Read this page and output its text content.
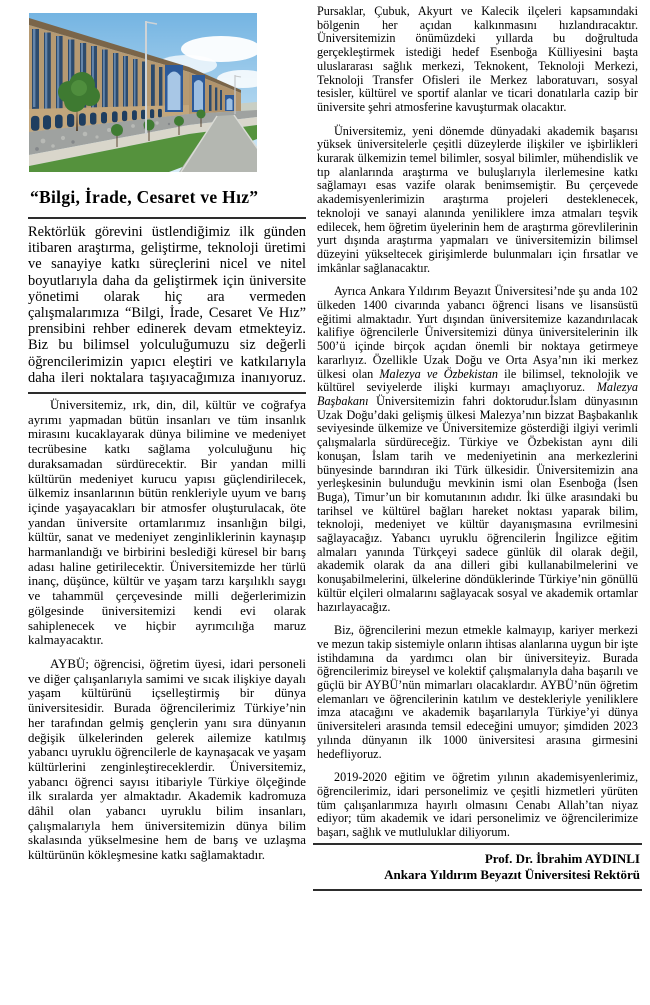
“Bilgi, İrade, Cesaret ve Hız”

Rektörlük görevini üstlendiğimiz ilk günden itibaren araştırma, geliştirme, teknoloji üretimi ve sanayiye katkı süreçlerini nicel ve nitel boyutlarıyla daha da geliştirmek için üniversite yönetimi olarak hiç ara vermeden çalışmalarımıza “Bilgi, İrade, Cesaret Ve Hız” prensibini rehber edinerek devam etmekteyiz. Biz bu bilimsel yolculuğumuzu siz değerli öğrencilerimizin yapıcı eleştiri ve katkılarıyla daha ileri noktalara taşıyacağımıza inanıyoruz.

Üniversitemiz, ırk, din, dil, kültür ve coğrafya ayrımı yapmadan bütün insanları ve tüm insanlık mirasını kucaklayarak dünya bilimine ve medeniyet tecrübesine katkı sağlama yolculuğunu hiç duraksamadan sürdürecektir. Bir yandan milli kültürün medeniyet kurucu yapısı güçlendirilecek, ülkemiz insanlarının bütün renkleriyle uyum ve barış içinde yaşayacakları bir atmosfer oluşturulacak, öte yandan üniversite ortamlarımız insanlığın bilgi, kültür, sanat ve medeniyet zenginliklerinin kaynaşıp harmanlandığı ve birbirini beslediği küresel bir barış adası haline getirilecektir. Üniversitemizde her türlü inanç, düşünce, kültür ve yaşam tarzı karşılıklı saygı ve tahammül çerçevesinde milli değerlerimizin gölgesinde üniversitemizi kendi evi olarak sahiplenecek ve hiçbir ayrımcılığa maruz kalmayacaktır.

AYBÜ; öğrencisi, öğretim üyesi, idari personeli ve diğer çalışanlarıyla samimi ve sıcak ilişkiye dayalı yaşam kültürünü içselleştirmiş bir dünya üniversitesidir. Burada öğrencilerimiz Türkiye’nin her tarafından gelmiş gençlerin yanı sıra dünyanın değişik ülkelerinden gelerek ailemize katılmış yabancı uyruklu öğrencilerle de kaynaşacak ve yaşam kültürlerini zenginleştireceklerdir. Üniversitemiz, yabancı öğrenci sayısı itibariyle Türkiye ölçeğinde ilk sıralarda yer almaktadır. Akademik kadromuza dâhil olan yabancı uyruklu bilim insanları, çalışmalarıyla hem üniversitemizin dünya bilim skalasında yükselmesine hem de barış ve uzlaşma kültürünün kökleşmesine katkı sağlamaktadır.

Pursaklar, Çubuk, Akyurt ve Kalecik ilçeleri kapsamındaki bölgenin her açıdan kalkınmasını hızlandıracaktır. Üniversitemizin önümüzdeki yıllarda bu doğrultuda gerçekleştirmek istediği hedef Esenboğa Külliyesini başta uluslararası sağlık merkezi, Teknokent, Teknoloji Merkezi, Teknoloji Transfer Ofisleri ile Merkez laboratuvarı, sosyal tesisler, kültürel ve sportif alanlar ve ticari donatılarla cazip bir üniversite şehri atmosferine kavuşturmak olacaktır.

Üniversitemiz, yeni dönemde dünyadaki akademik başarısı yüksek üniversitelerle çeşitli düzeylerde ilişkiler ve işbirlikleri kurarak ülkemizin temel bilimler, sosyal bilimler, mühendislik ve tıp alanlarında araştırma ve buluşlarıyla ilerlemesine katkı sağlamayı esas vazife olarak benimsemiştir. Bu çerçevede akademisyenlerimizin araştırma projeleri desteklenecek, teknoloji ve sanayi alanında yeniliklere imza atmaları teşvik edilecek, hem öğretim üyelerinin hem de araştırma görevlilerinin yurt dışında araştırma yapmaları ve üniversitemizin bilimsel düzeyini yükseltecek girişimlerde bulunmaları için fırsatlar ve imkânlar sağlanacaktır.

Ayrıca Ankara Yıldırım Beyazıt Üniversitesi’nde şu anda 102 ülkeden 1400 civarında yabancı öğrenci lisans ve lisansüstü eğitimi almaktadır. Yurt dışından üniversitemize kazandırılacak kalifiye öğrencilerle Üniversitemizi dünya üniversitelerinin ilk 500’ü içinde birçok açıdan önemli bir noktaya getirmeye kararlıyız. Özellikle Uzak Doğu ve Orta Asya’nın iki merkez ülkesi olan Malezya ve Özbekistan ile bilimsel, teknolojik ve kültürel seviyelerde ilişki kurmayı amaçlıyoruz. Malezya Başbakanı Üniversitemizin fahri doktorudur.İslam dünyasının Uzak Doğu’daki gelişmiş ülkesi Malezya’nın bizzat Başbakanlık seviyesinde ülkemize ve Üniversitemize gösterdiği ilgiyi verimli çalışmalarla sürdüreceğiz. Türkiye ve Özbekistan aynı dili konuşan, İslam tarih ve medeniyetinin ana merkezlerini bünyesinde barındıran iki Türk ülkesidir. Üniversitemizin ana yerleşkesinin bulunduğu mevkinin ismi olan Esenboğa (İsen Buga), Timur’un bir komutanının adıdır. İki ülke arasındaki bu tarihsel ve kültürel bağları hareket noktası yaparak bilim, teknoloji, medeniyet ve kültür dayanışmasına evrilmesini sağlayacağız. Yabancı uyruklu öğrencilerin İngilizce eğitim almaları yanında Türkçeyi sadece günlük dil olarak değil, akademik olarak da ana dilleri gibi kullanabilmelerini ve konuşabilmelerini, ülkelerine döndüklerinde Türkiye’nin gönüllü kültür elçileri olmalarını sağlayacak sosyal ve akademik ortamlar hazırlayacağız.

Biz, öğrencilerini mezun etmekle kalmayıp, kariyer merkezi ve mezun takip sistemiyle onların ihtisas alanlarına uygun bir işte istihdamına da yardımcı olan bir üniversiteyiz. Burada öğrencilerimiz bireysel ve kolektif çalışmalarıyla daha başarılı ve güçlü bir AYBÜ’nün mimarları olacaklardır. AYBÜ’nün öğretim elemanları ve öğrencilerinin katılım ve destekleriyle yeniliklere imza atacağını ve akademik başarılarıyla Türkiye’yi dünya üniversiteleri arasında temsil edeceğini umuyor; şimdiden 2023 yılında dünyanın ilk 1000 üniversitesi arasına girmesini hedefliyoruz.

2019-2020 eğitim ve öğretim yılının akademisyenlerimiz, öğrencilerimiz, idari personelimiz ve çeşitli hizmetleri yürüten tüm çalışanlarımıza hayırlı olmasını Cenabı Allah’tan niyaz ediyor; tüm akademik ve idari personelimiz ve öğrencilerimize başarı, sağlık ve mutluluklar diliyorum.

Prof. Dr. İbrahim AYDINLI
Ankara Yıldırım Beyazıt Üniversitesi Rektörü
